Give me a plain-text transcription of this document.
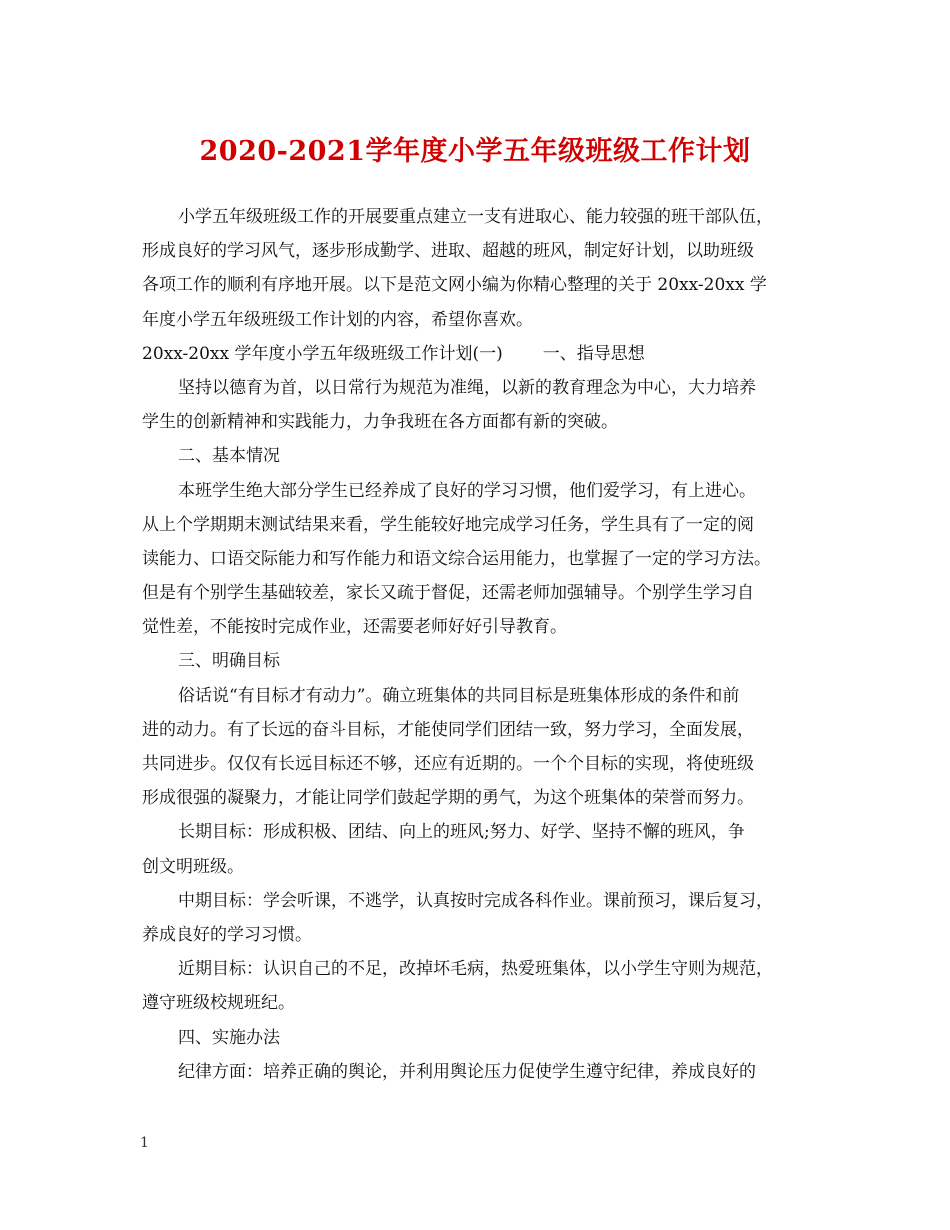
2020-2021学年度小学五年级班级工作计划
小学五年级班级工作的开展要重点建立一支有进取心、能力较强的班干部队伍，
形成良好的学习风气，逐步形成勤学、进取、超越的班风，制定好计划，以助班级
各项工作的顺利有序地开展。以下是范文网小编为你精心整理的关于 20xx-20xx 学
年度小学五年级班级工作计划的内容，希望你喜欢。
20xx-20xx 学年度小学五年级班级工作计划(一) 一、指导思想
坚持以德育为首，以日常行为规范为准绳，以新的教育理念为中心，大力培养
学生的创新精神和实践能力，力争我班在各方面都有新的突破。
二、基本情况
本班学生绝大部分学生已经养成了良好的学习习惯，他们爱学习，有上进心。
从上个学期期末测试结果来看，学生能较好地完成学习任务，学生具有了一定的阅
读能力、口语交际能力和写作能力和语文综合运用能力，也掌握了一定的学习方法。
但是有个别学生基础较差，家长又疏于督促，还需老师加强辅导。个别学生学习自
觉性差，不能按时完成作业，还需要老师好好引导教育。
三、明确目标
俗话说“有目标才有动力”。确立班集体的共同目标是班集体形成的条件和前
进的动力。有了长远的奋斗目标，才能使同学们团结一致，努力学习，全面发展，
共同进步。仅仅有长远目标还不够，还应有近期的。一个个目标的实现，将使班级
形成很强的凝聚力，才能让同学们鼓起学期的勇气，为这个班集体的荣誉而努力。
长期目标：形成积极、团结、向上的班风;努力、好学、坚持不懈的班风，争
创文明班级。
中期目标：学会听课，不逃学，认真按时完成各科作业。课前预习，课后复习，
养成良好的学习习惯。
近期目标：认识自己的不足，改掉坏毛病，热爱班集体，以小学生守则为规范，
遵守班级校规班纪。
四、实施办法
纪律方面：培养正确的舆论，并利用舆论压力促使学生遵守纪律，养成良好的
1
